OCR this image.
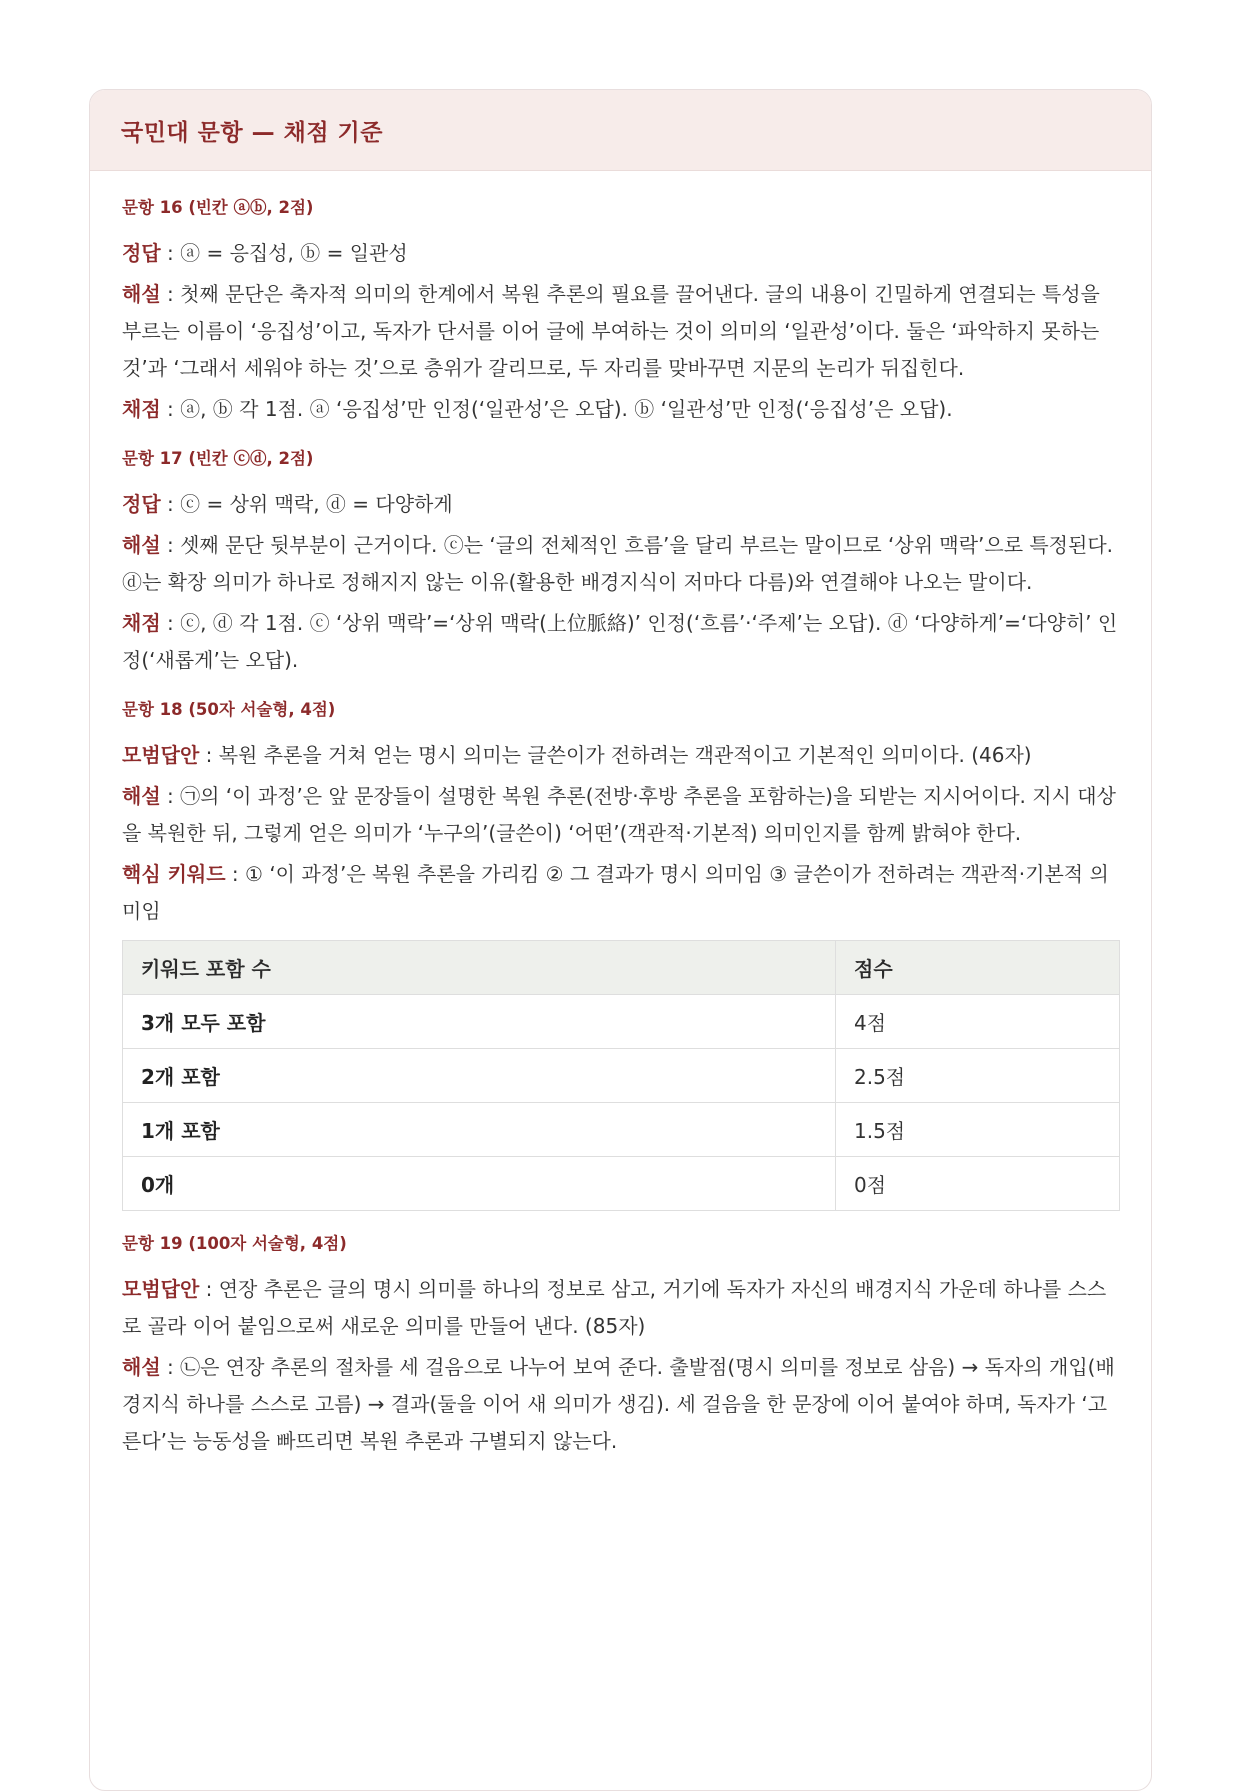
국민대 문항 — 채점 기준
문항 16 (빈칸 ⓐⓑ, 2점)

정답 : ⓐ = 응집성, ⓑ = 일관성

해설 : 첫째 문단은 축자적 의미의 한계에서 복원 추론의 필요를 끌어낸다. 글의 내용이 긴밀하게 연결되는 특성을 부르는 이름이 ‘응집성’이고, 독자가 단서를 이어 글에 부여하는 것이 의미의 ‘일관성’이다. 둘은 ‘파악하지 못하는 것’과 ‘그래서 세워야 하는 것’으로 층위가 갈리므로, 두 자리를 맞바꾸면 지문의 논리가 뒤집힌다.

채점 : ⓐ, ⓑ 각 1점. ⓐ ‘응집성’만 인정(‘일관성’은 오답). ⓑ ‘일관성’만 인정(‘응집성’은 오답).

문항 17 (빈칸 ⓒⓓ, 2점)

정답 : ⓒ = 상위 맥락, ⓓ = 다양하게

해설 : 셋째 문단 뒷부분이 근거이다. ⓒ는 ‘글의 전체적인 흐름’을 달리 부르는 말이므로 ‘상위 맥락’으로 특정된다. ⓓ는 확장 의미가 하나로 정해지지 않는 이유(활용한 배경지식이 저마다 다름)와 연결해야 나오는 말이다.

채점 : ⓒ, ⓓ 각 1점. ⓒ ‘상위 맥락’=‘상위 맥락(上位脈絡)’ 인정(‘흐름’·‘주제’는 오답). ⓓ ‘다양하게’=‘다양히’ 인정(‘새롭게’는 오답).

문항 18 (50자 서술형, 4점)

모범답안 : 복원 추론을 거쳐 얻는 명시 의미는 글쓴이가 전하려는 객관적이고 기본적인 의미이다. (46자)

해설 : ㉠의 ‘이 과정’은 앞 문장들이 설명한 복원 추론(전방·후방 추론을 포함하는)을 되받는 지시어이다. 지시 대상을 복원한 뒤, 그렇게 얻은 의미가 ‘누구의’(글쓴이) ‘어떤’(객관적·기본적) 의미인지를 함께 밝혀야 한다.

핵심 키워드 : ① ‘이 과정’은 복원 추론을 가리킴 ② 그 결과가 명시 의미임 ③ 글쓴이가 전하려는 객관적·기본적 의미임

키워드 포함 수	점수
3개 모두 포함	4점
2개 포함	2.5점
1개 포함	1.5점
0개	0점
문항 19 (100자 서술형, 4점)

모범답안 : 연장 추론은 글의 명시 의미를 하나의 정보로 삼고, 거기에 독자가 자신의 배경지식 가운데 하나를 스스로 골라 이어 붙임으로써 새로운 의미를 만들어 낸다. (85자)

해설 : ㉡은 연장 추론의 절차를 세 걸음으로 나누어 보여 준다. 출발점(명시 의미를 정보로 삼음) → 독자의 개입(배경지식 하나를 스스로 고름) → 결과(둘을 이어 새 의미가 생김). 세 걸음을 한 문장에 이어 붙여야 하며, 독자가 ‘고른다’는 능동성을 빠뜨리면 복원 추론과 구별되지 않는다.
